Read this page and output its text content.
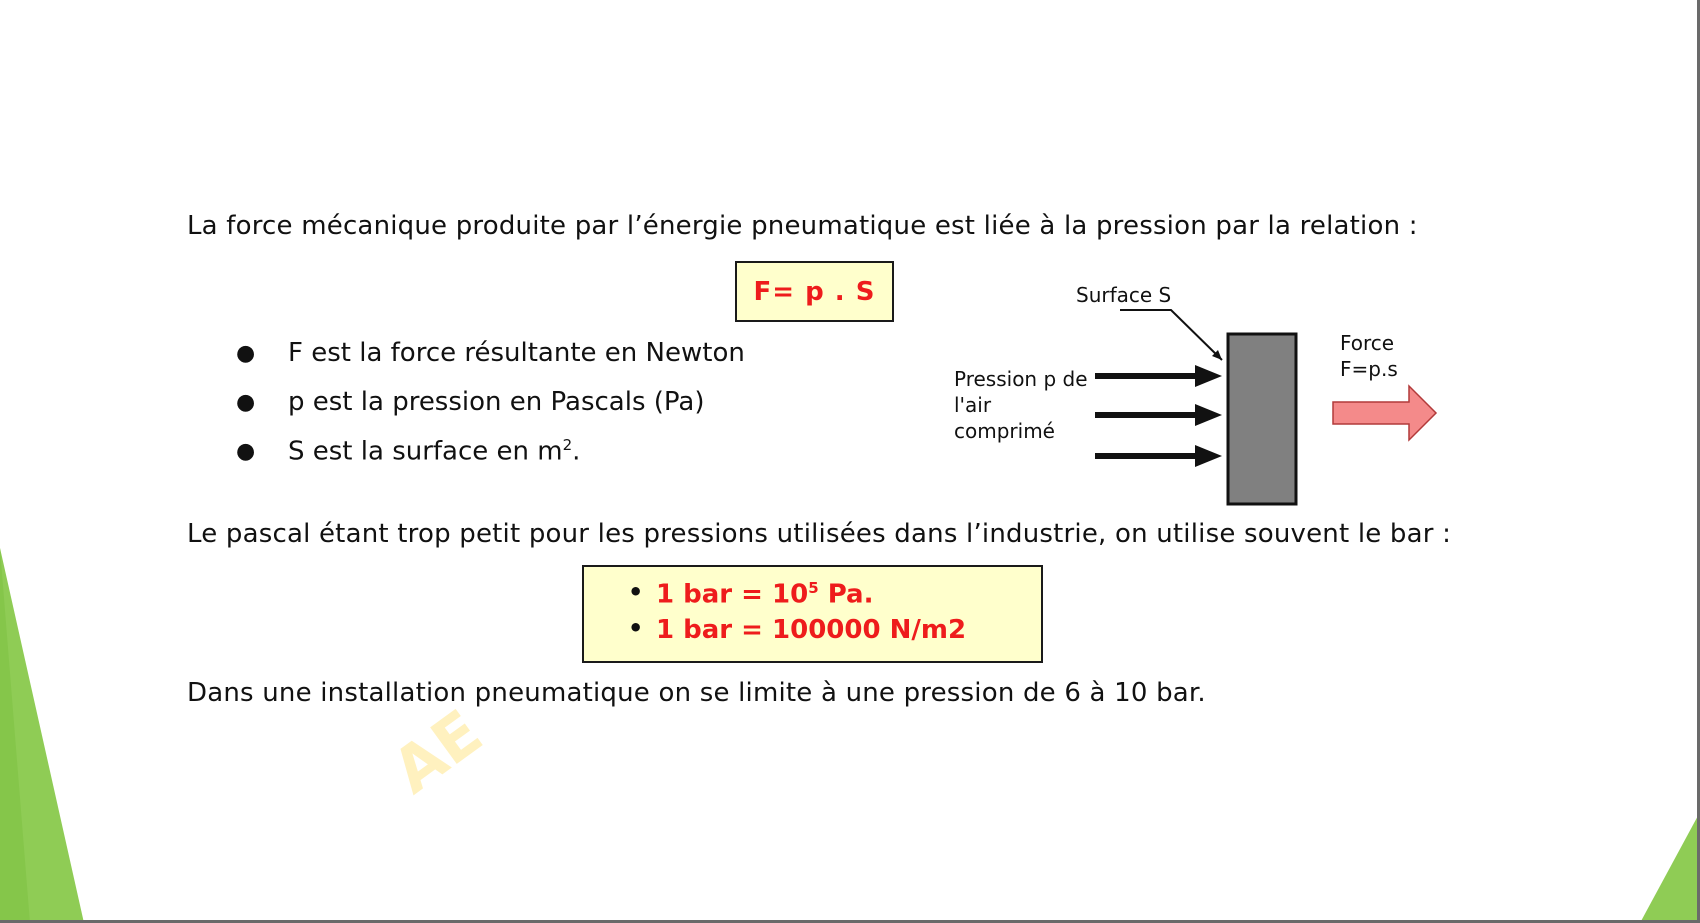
AE

La force mécanique produite par l’énergie pneumatique est liée à la pression par la relation :

F= p . S
● F est la force résultante en Newton
● p est la pression en Pascals (Pa)
● S est la surface en $m^2$.
Surface S
Pression p de
l'air
comprimé
Force
F=p.s

Le pascal étant trop petit pour les pressions utilisées dans l’industrie, on utilise souvent le bar :

• 1 bar = $10^5$ Pa.
• 1 bar = 100000 N/m2

Dans une installation pneumatique on se limite à une pression de 6 à 10 bar.
